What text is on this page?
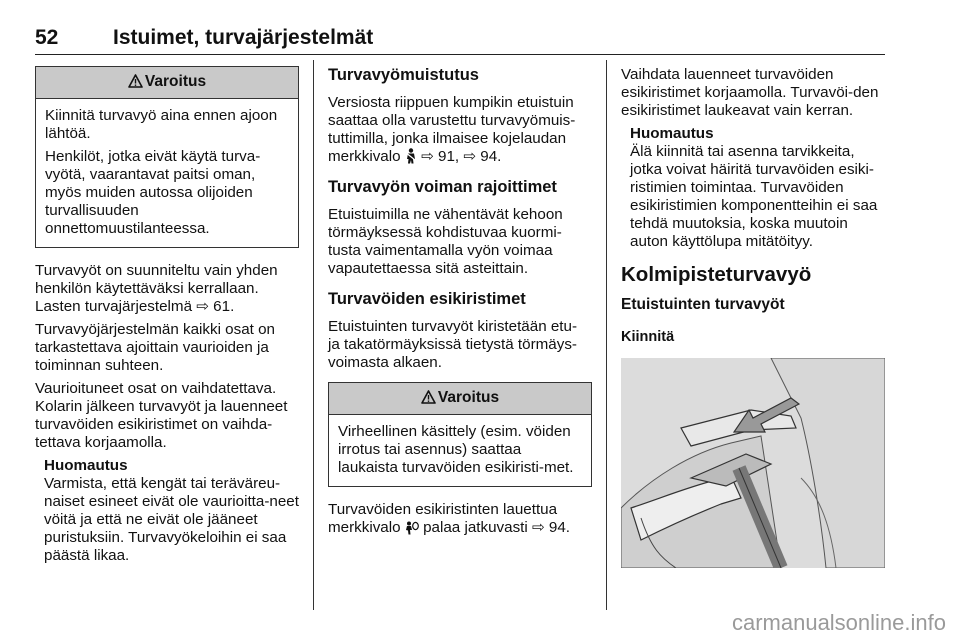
52	Istuimet, turvajärjestelmät
Varoitus

Kiinnitä turvavyö aina ennen ajoon lähtöä.

Henkilöt, jotka eivät käytä turva-vyötä, vaarantavat paitsi oman, myös muiden autossa olijoiden turvallisuuden onnettomuustilanteessa.

Turvavyöt on suunniteltu vain yhden henkilön käytettäväksi kerrallaan. Lasten turvajärjestelmä ⇨ 61.

Turvavyöjärjestelmän kaikki osat on tarkastettava ajoittain vaurioiden ja toiminnan suhteen.

Vaurioituneet osat on vaihdatettava. Kolarin jälkeen turvavyöt ja lauenneet turvavöiden esikiristimet on vaihda-tettava korjaamolla.

Huomautus
Varmista, että kengät tai teräväreu-naiset esineet eivät ole vaurioitta-neet vöitä ja että ne eivät ole jääneet puristuksiin. Turvavyökeloihin ei saa päästä likaa.
Turvavyömuistutus

Versiosta riippuen kumpikin etuistuin saattaa olla varustettu turvavyömuis-tuttimilla, jonka ilmaisee kojelaudan merkkivalo ⇨ 91, ⇨ 94.

Turvavyön voiman rajoittimet

Etuistuimilla ne vähentävät kehoon törmäyksessä kohdistuvaa kuormi-tusta vaimentamalla vyön voimaa vapautettaessa sitä asteittain.

Turvavöiden esikiristimet

Etuistuinten turvavyöt kiristetään etu- ja takatörmäyksissä tietystä törmäys-voimasta alkaen.

Varoitus

Virheellinen käsittely (esim. vöiden irrotus tai asennus) saattaa laukaista turvavöiden esikiristi-met.

Turvavöiden esikiristinten lauettua merkkivalo palaa jatkuvasti ⇨ 94.

Vaihdata lauenneet turvavöiden esikiristimet korjaamolla. Turvavöi-den esikiristimet laukeavat vain kerran.

Huomautus
Älä kiinnitä tai asenna tarvikkeita, jotka voivat häiritä turvavöiden esiki-ristimien toimintaa. Turvavöiden esikiristimien komponentteihin ei saa tehdä muutoksia, koska muutoin auton käyttölupa mitätöityy.
Kolmipisteturvavyö
Etuistuinten turvavyöt
Kiinnitä
carmanualsonline.info
